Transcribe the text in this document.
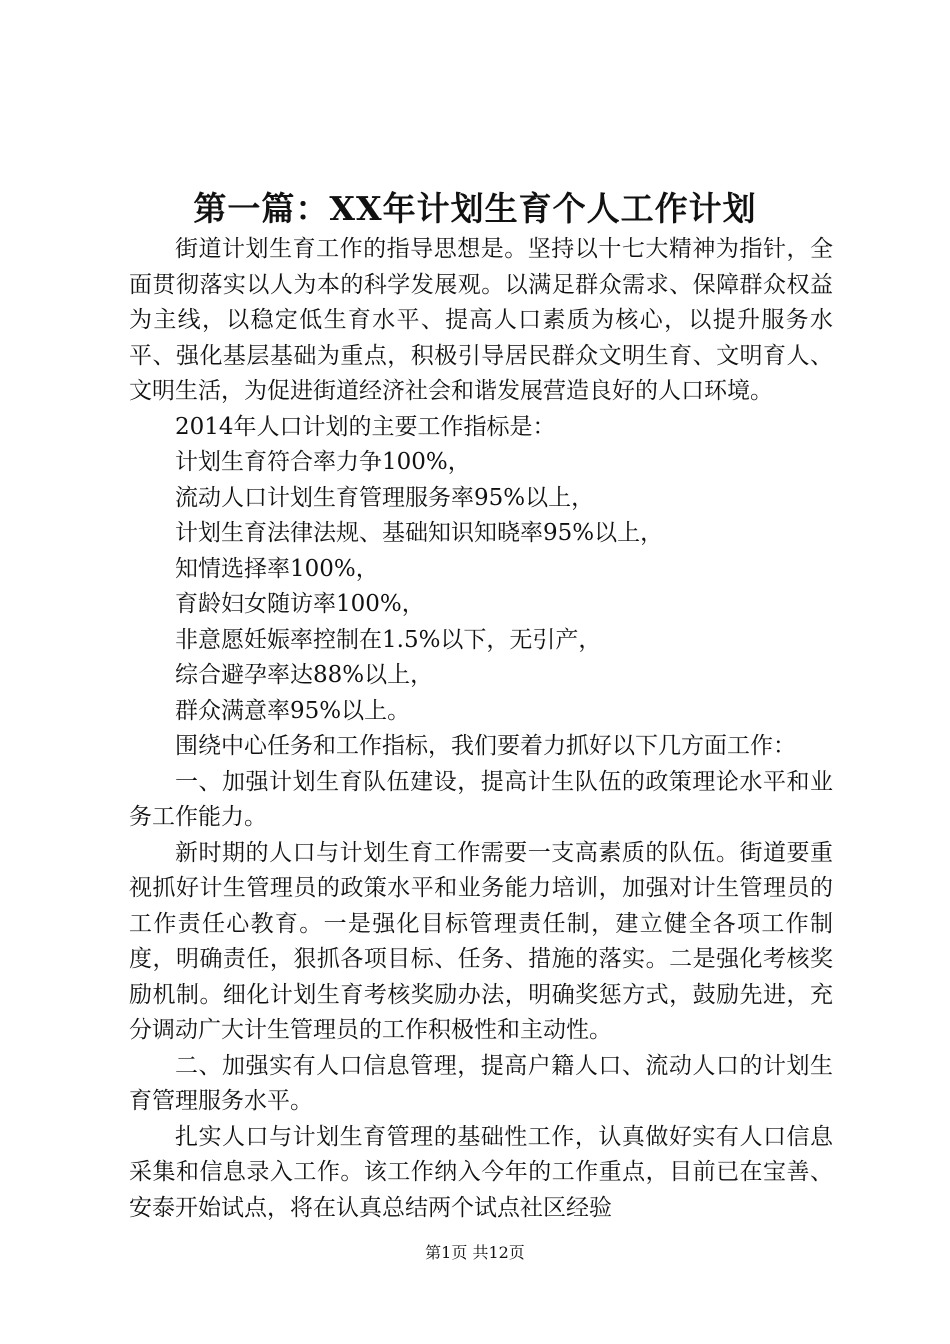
第一篇：XX年计划生育个人工作计划

街道计划生育工作的指导思想是。坚持以十七大精神为指针，全面贯彻落实以人为本的科学发展观。以满足群众需求、保障群众权益为主线，以稳定低生育水平、提高人口素质为核心，以提升服务水平、强化基层基础为重点，积极引导居民群众文明生育、文明育人、文明生活，为促进街道经济社会和谐发展营造良好的人口环境。

2014年人口计划的主要工作指标是：

计划生育符合率力争100%，

流动人口计划生育管理服务率95%以上，

计划生育法律法规、基础知识知晓率95%以上，

知情选择率100%，

育龄妇女随访率100%，

非意愿妊娠率控制在1.5%以下，无引产，

综合避孕率达88%以上，

群众满意率95%以上。

围绕中心任务和工作指标，我们要着力抓好以下几方面工作：

一、加强计划生育队伍建设，提高计生队伍的政策理论水平和业务工作能力。

新时期的人口与计划生育工作需要一支高素质的队伍。街道要重视抓好计生管理员的政策水平和业务能力培训，加强对计生管理员的工作责任心教育。一是强化目标管理责任制，建立健全各项工作制度，明确责任，狠抓各项目标、任务、措施的落实。二是强化考核奖励机制。细化计划生育考核奖励办法，明确奖惩方式，鼓励先进，充分调动广大计生管理员的工作积极性和主动性。

二、加强实有人口信息管理，提高户籍人口、流动人口的计划生育管理服务水平。

扎实人口与计划生育管理的基础性工作，认真做好实有人口信息采集和信息录入工作。该工作纳入今年的工作重点，目前已在宝善、安泰开始试点，将在认真总结两个试点社区经验

第1页 共12页
